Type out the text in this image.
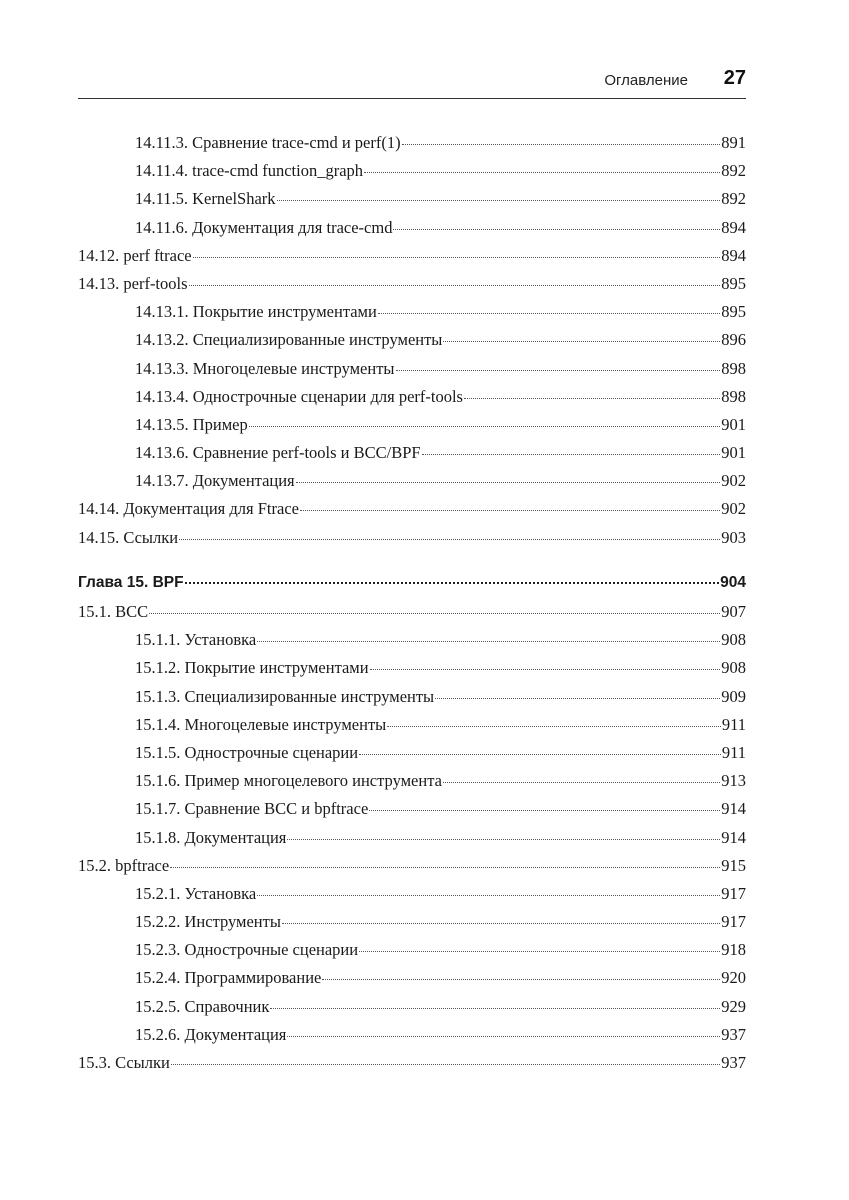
Оглавление 27
14.11.3. Сравнение trace-cmd и perf(1)	891
14.11.4. trace-cmd function_graph	892
14.11.5. KernelShark	892
14.11.6. Документация для trace-cmd	894
14.12. perf ftrace	894
14.13. perf-tools	895
14.13.1. Покрытие инструментами	895
14.13.2. Специализированные инструменты	896
14.13.3. Многоцелевые инструменты	898
14.13.4. Однострочные сценарии для perf-tools	898
14.13.5. Пример	901
14.13.6. Сравнение perf-tools и BCC/BPF	901
14.13.7. Документация	902
14.14. Документация для Ftrace	902
14.15. Ссылки	903
Глава 15. BPF	904
15.1. BCC	907
15.1.1. Установка	908
15.1.2. Покрытие инструментами	908
15.1.3. Специализированные инструменты	909
15.1.4. Многоцелевые инструменты	911
15.1.5. Однострочные сценарии	911
15.1.6. Пример многоцелевого инструмента	913
15.1.7. Сравнение BCC и bpftrace	914
15.1.8. Документация	914
15.2. bpftrace	915
15.2.1. Установка	917
15.2.2. Инструменты	917
15.2.3. Однострочные сценарии	918
15.2.4. Программирование	920
15.2.5. Справочник	929
15.2.6. Документация	937
15.3. Ссылки	937
